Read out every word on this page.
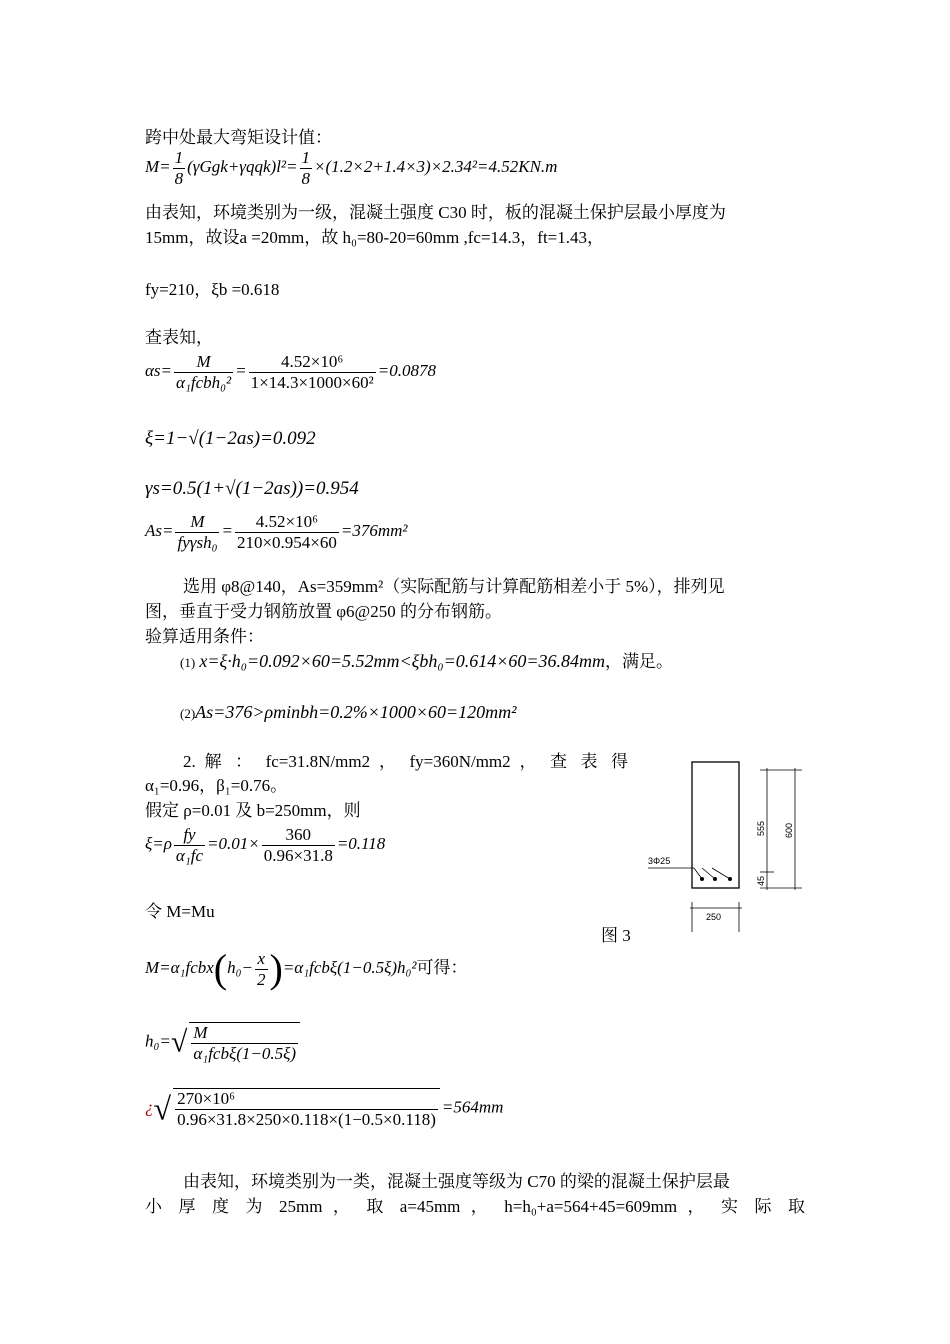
跨中处最大弯矩设计值：
$M= \frac{1}{8} (\gamma Ggk+\gamma qqk)l^2= \frac{1}{8} \times(1.2\times 2+1.4\times 3)\times 2.34^2=4.52KN.m$
由表知，环境类别为一级，混凝土强度 C30 时，板的混凝土保护层最小厚度为
15mm，故设a =20mm，故 h₀=80-20=60mm ,fc=14.3，ft=1.43，
fy=210，ξb =0.618
查表知，
$\alpha s= \frac{M}{\text{α₁fcbh₀²}} = \frac{\text{4.52×10⁶}}{\text{1×14.3×1000×60²}} =0.0878$
ξ=1−√(1−2as)=0.092
γs=0.5(1+√(1−2as))=0.954
$As= \frac{M}{\text{fyγsh₀}} = \frac{\text{4.52×10⁶}}{210\times 0.954\times 60} =376mm^2$
选用 φ8@140，As=359mm²（实际配筋与计算配筋相差小于 5%），排列见
图，垂直于受力钢筋放置 φ6@250 的分布钢筋。
验算适用条件：
(1) x=ξ·h₀=0.092×60=5.52mm<ξbh₀=0.614×60=36.84mm，满足。
(2)As=376>ρminbh=0.2%×1000×60=120mm²
2. 解 ： fc=31.8N/mm2 ， fy=360N/mm2 ， 查 表 得
α₁=0.96，β₁=0.76。
假定 ρ=0.01 及 b=250mm，则
$\xi=\rho \frac{fy}{\text{α₁fc}} =0.01\times \frac{360}{0.96\times 31.8} =0.118$
令 M=Mu
3Φ25
555 600
45
250
图 3
M=α₁fcbx(h₀− $\frac{x}{2} )=\alpha_1fcb\xi(1-0.5\xi)h_0^2$可得：
$h_0=√ \frac{M}{\text{α₁fcbξ(1−0.5ξ)}}$
¿√ $\frac{\text{270×10⁶}}{0.96\times 31.8\times 250\times 0.118\times(1-0.5\times 0.118)} =564mm$
由表知，环境类别为一类，混凝土强度等级为 C70 的梁的混凝土保护层最
小 厚 度 为 25mm ， 取 a=45mm ， h=h₀+a=564+45=609mm ， 实 际 取
